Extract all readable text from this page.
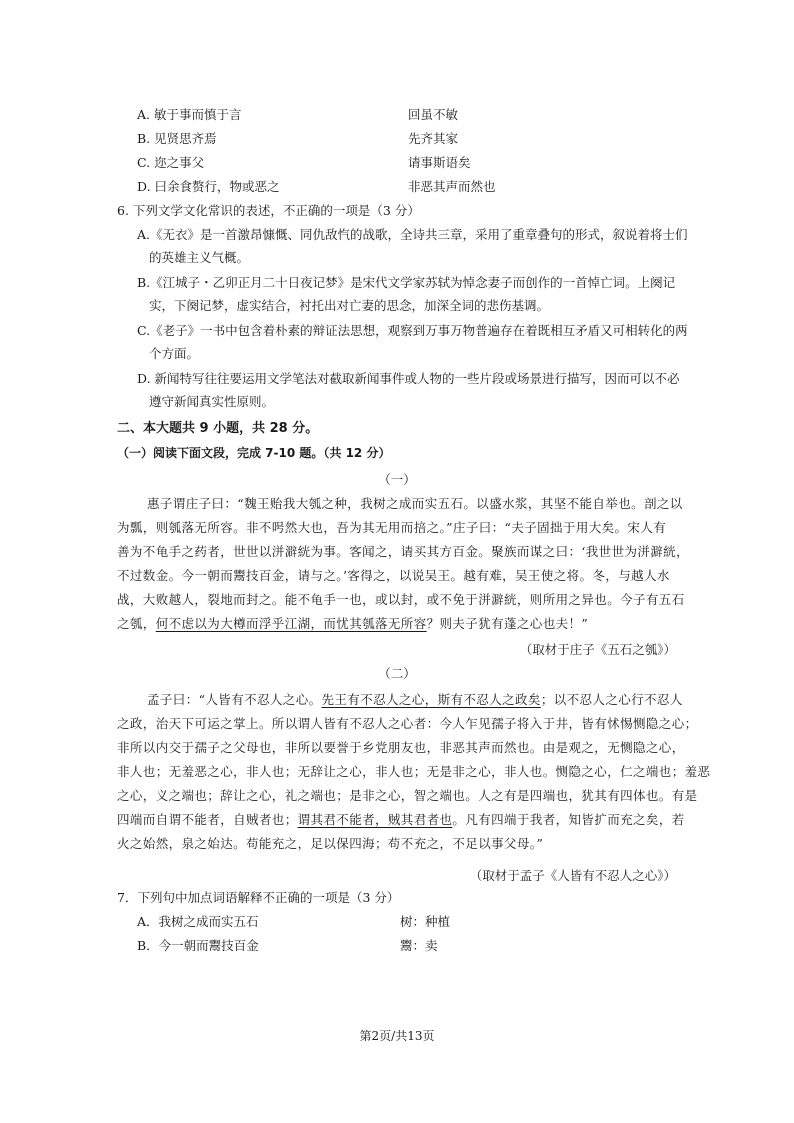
A. 敏于事而慎于言	回虽不敏
B. 见贤思齐焉	先齐其家
C. 迩之事父	请事斯语矣
D. 曰余食赘行，物或恶之	非恶其声而然也
6. 下列文学文化常识的表述，不正确的一项是（3 分）
A.《无衣》是一首激昂慷慨、同仇敌忾的战歌，全诗共三章，采用了重章叠句的形式，叙说着将士们
的英雄主义气概。
B.《江城子・乙卯正月二十日夜记梦》是宋代文学家苏轼为悼念妻子而创作的一首悼亡词。上阕记
实，下阕记梦，虚实结合，衬托出对亡妻的思念，加深全词的悲伤基调。
C.《老子》一书中包含着朴素的辩证法思想，观察到万事万物普遍存在着既相互矛盾又可相转化的两
个方面。
D. 新闻特写往往要运用文学笔法对截取新闻事件或人物的一些片段或场景进行描写，因而可以不必
遵守新闻真实性原则。
二、本大题共 9 小题，共 28 分。
（一）阅读下面文段，完成 7-10 题。（共 12 分）
（一）
惠子谓庄子曰：“魏王贻我大瓠之种，我树之成而实五石。以盛水浆，其坚不能自举也。剖之以
为瓢，则瓠落无所容。非不呺然大也，吾为其无用而掊之。”庄子曰：“夫子固拙于用大矣。宋人有
善为不龟手之药者，世世以洴澼絖为事。客闻之，请买其方百金。聚族而谋之曰：‘我世世为洴澼絖，
不过数金。今一朝而鬻技百金，请与之。’客得之，以说吴王。越有难，吴王使之将。冬，与越人水
战，大败越人，裂地而封之。能不龟手一也，或以封，或不免于洴澼絖，则所用之异也。今子有五石
之瓠，何不虑以为大樽而浮乎江湖，而忧其瓠落无所容？则夫子犹有蓬之心也夫！”
（取材于庄子《五石之瓠》）
（二）
孟子曰：“人皆有不忍人之心。先王有不忍人之心，斯有不忍人之政矣；以不忍人之心行不忍人
之政，治天下可运之掌上。所以谓人皆有不忍人之心者：今人乍见孺子将入于井，皆有怵惕恻隐之心；
非所以内交于孺子之父母也，非所以要誉于乡党朋友也，非恶其声而然也。由是观之，无恻隐之心，
非人也；无羞恶之心，非人也；无辞让之心，非人也；无是非之心，非人也。恻隐之心，仁之端也；羞恶
之心，义之端也；辞让之心，礼之端也；是非之心，智之端也。人之有是四端也，犹其有四体也。有是
四端而自谓不能者，自贼者也；谓其君不能者，贼其君者也。凡有四端于我者，知皆扩而充之矣，若
火之始然，泉之始达。苟能充之，足以保四海；苟不充之，不足以事父母。”
（取材于孟子《人皆有不忍人之心》）
7．下列句中加点词语解释不正确的一项是（3 分）
A．我树之成而实五石	树：种植
B．今一朝而鬻技百金	鬻：卖
第2页/共13页
